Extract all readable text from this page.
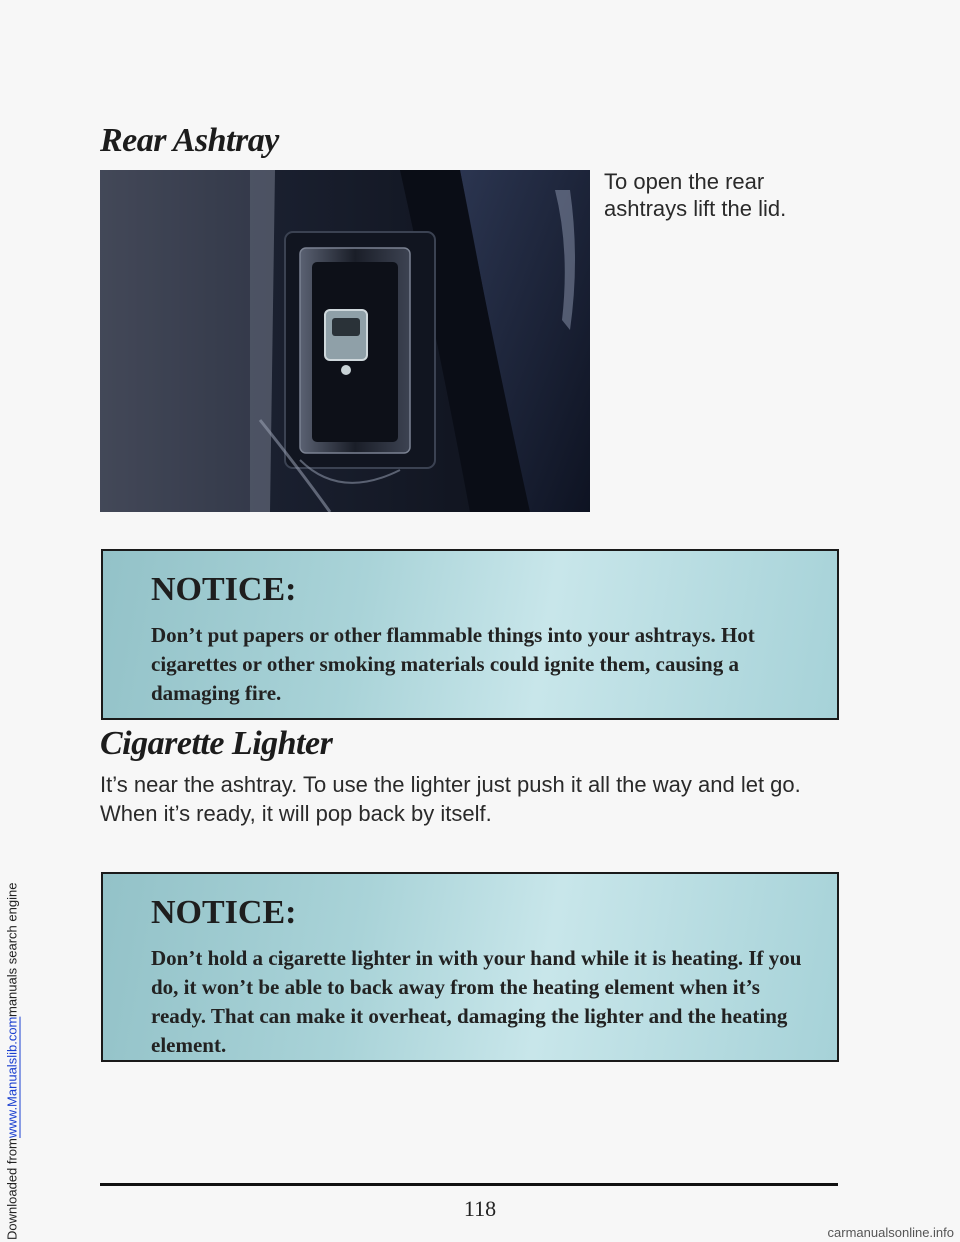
Downloaded from
www.Manualslib.com
manuals search engine
Rear Ashtray
To open the rear ashtrays lift the lid.
NOTICE:

Don’t put papers or other flammable things into your ashtrays. Hot cigarettes or other smoking materials could ignite them, causing a damaging fire.

Cigarette Lighter

It’s near the ashtray. To use the lighter just push it all the way and let go. When it’s ready, it will pop back by itself.

NOTICE:

Don’t hold a cigarette lighter in with your hand while it is heating. If you do, it won’t be able to back away from the heating element when it’s ready. That can make it overheat, damaging the lighter and the heating element.

118
carmanualsonline.info
